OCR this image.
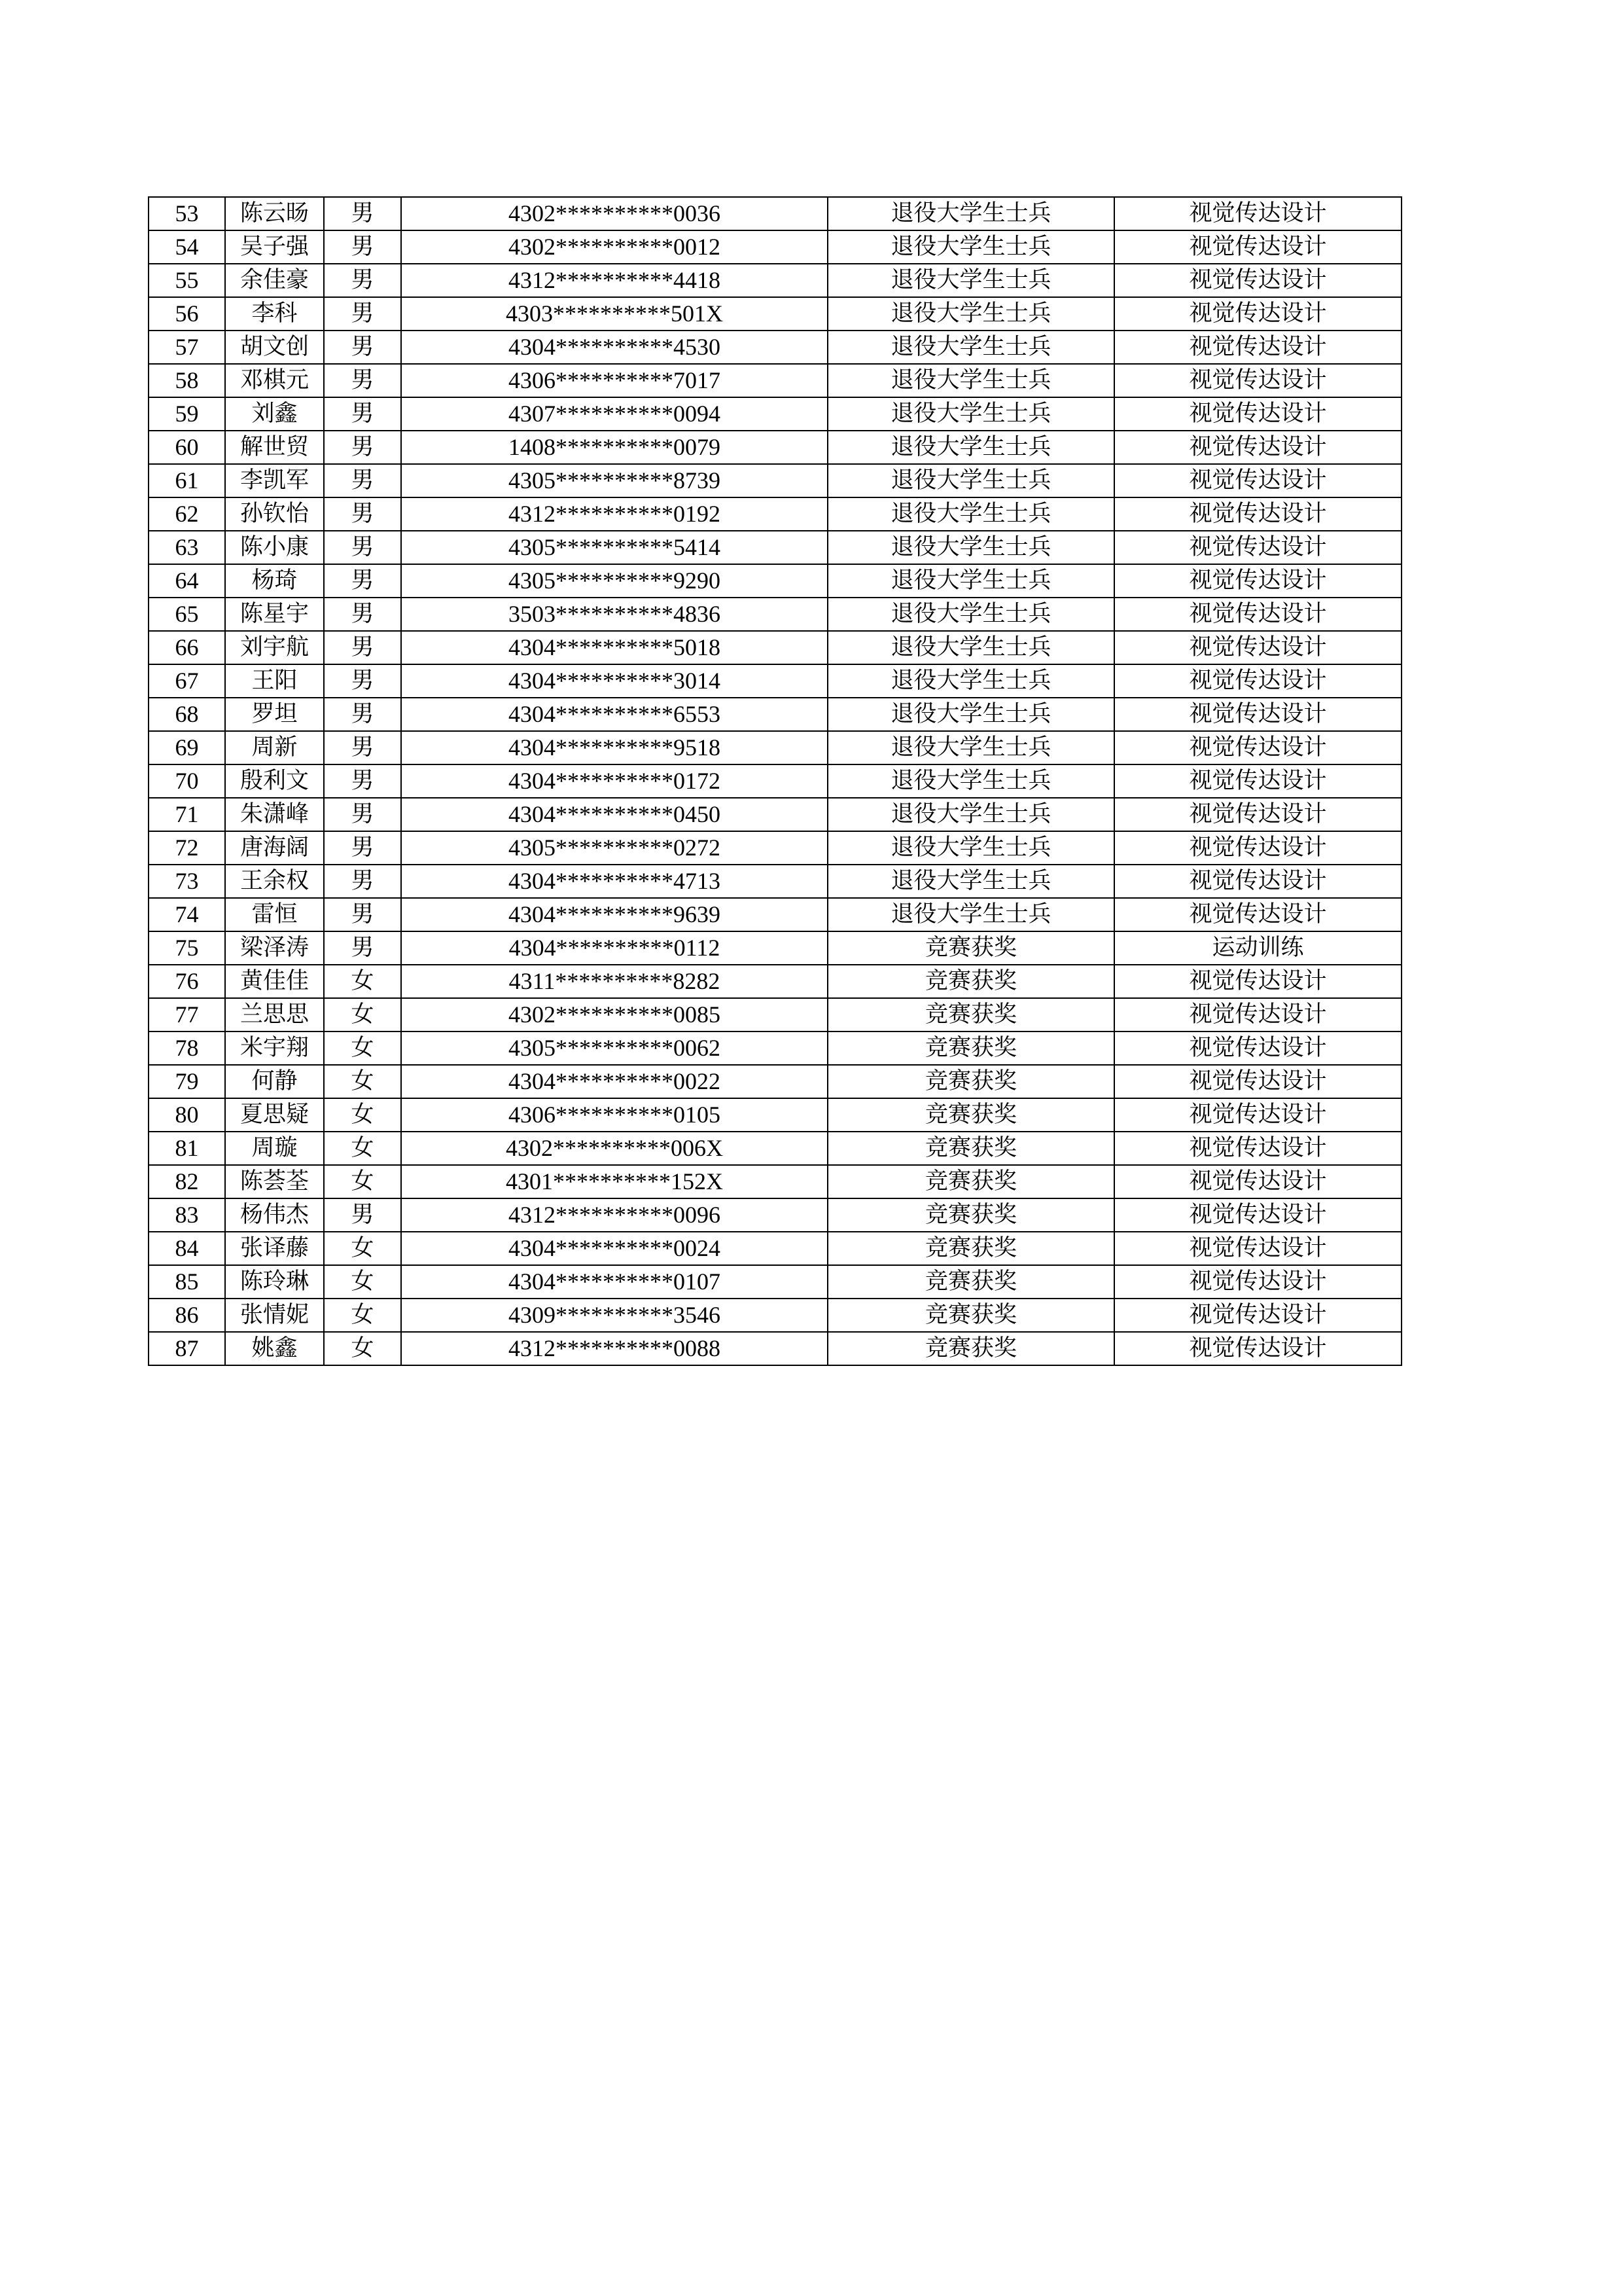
53	陈云旸	男	4302**********0036	退役大学生士兵	视觉传达设计
54	吴子强	男	4302**********0012	退役大学生士兵	视觉传达设计
55	余佳豪	男	4312**********4418	退役大学生士兵	视觉传达设计
56	李科	男	4303**********501X	退役大学生士兵	视觉传达设计
57	胡文创	男	4304**********4530	退役大学生士兵	视觉传达设计
58	邓棋元	男	4306**********7017	退役大学生士兵	视觉传达设计
59	刘鑫	男	4307**********0094	退役大学生士兵	视觉传达设计
60	解世贸	男	1408**********0079	退役大学生士兵	视觉传达设计
61	李凯军	男	4305**********8739	退役大学生士兵	视觉传达设计
62	孙钦怡	男	4312**********0192	退役大学生士兵	视觉传达设计
63	陈小康	男	4305**********5414	退役大学生士兵	视觉传达设计
64	杨琦	男	4305**********9290	退役大学生士兵	视觉传达设计
65	陈星宇	男	3503**********4836	退役大学生士兵	视觉传达设计
66	刘宇航	男	4304**********5018	退役大学生士兵	视觉传达设计
67	王阳	男	4304**********3014	退役大学生士兵	视觉传达设计
68	罗坦	男	4304**********6553	退役大学生士兵	视觉传达设计
69	周新	男	4304**********9518	退役大学生士兵	视觉传达设计
70	殷利文	男	4304**********0172	退役大学生士兵	视觉传达设计
71	朱潇峰	男	4304**********0450	退役大学生士兵	视觉传达设计
72	唐海阔	男	4305**********0272	退役大学生士兵	视觉传达设计
73	王余权	男	4304**********4713	退役大学生士兵	视觉传达设计
74	雷恒	男	4304**********9639	退役大学生士兵	视觉传达设计
75	梁泽涛	男	4304**********0112	竞赛获奖	运动训练
76	黄佳佳	女	4311**********8282	竞赛获奖	视觉传达设计
77	兰思思	女	4302**********0085	竞赛获奖	视觉传达设计
78	米宇翔	女	4305**********0062	竞赛获奖	视觉传达设计
79	何静	女	4304**********0022	竞赛获奖	视觉传达设计
80	夏思疑	女	4306**********0105	竞赛获奖	视觉传达设计
81	周璇	女	4302**********006X	竞赛获奖	视觉传达设计
82	陈荟荃	女	4301**********152X	竞赛获奖	视觉传达设计
83	杨伟杰	男	4312**********0096	竞赛获奖	视觉传达设计
84	张译藤	女	4304**********0024	竞赛获奖	视觉传达设计
85	陈玲琳	女	4304**********0107	竞赛获奖	视觉传达设计
86	张情妮	女	4309**********3546	竞赛获奖	视觉传达设计
87	姚鑫	女	4312**********0088	竞赛获奖	视觉传达设计
